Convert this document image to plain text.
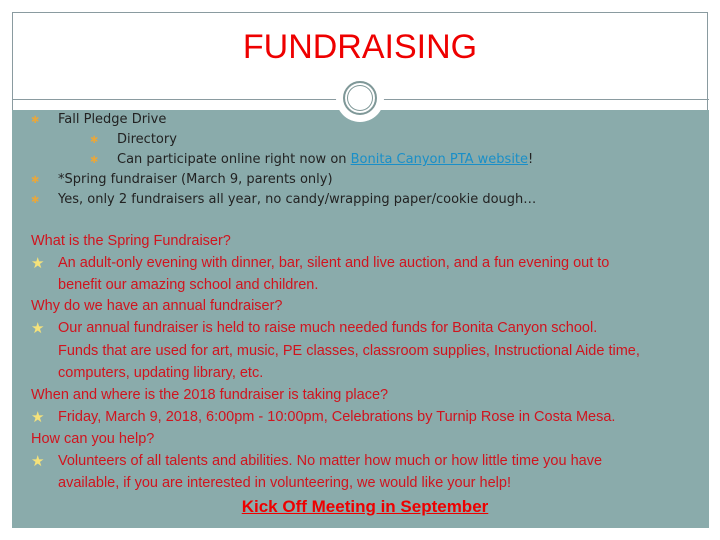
FUNDRAISING
✱ Fall Pledge Drive
✱ Directory
✱ Can participate online right now on Bonita Canyon PTA website!
✱ *Spring fundraiser (March 9, parents only)
✱ Yes, only 2 fundraisers all year, no candy/wrapping paper/cookie dough…
What is the Spring Fundraiser?
★ An adult-only evening with dinner, bar, silent and live auction, and a fun evening out to
benefit our amazing school and children.
Why do we have an annual fundraiser?
★ Our annual fundraiser is held to raise much needed funds for Bonita Canyon school.
Funds that are used for art, music, PE classes, classroom supplies, Instructional Aide time,
computers, updating library, etc.
When and where is the 2018 fundraiser is taking place?
★ Friday, March 9, 2018, 6:00pm - 10:00pm, Celebrations by Turnip Rose in Costa Mesa.
How can you help?
★ Volunteers of all talents and abilities. No matter how much or how little time you have
available, if you are interested in volunteering, we would like your help!
Kick Off Meeting in September
